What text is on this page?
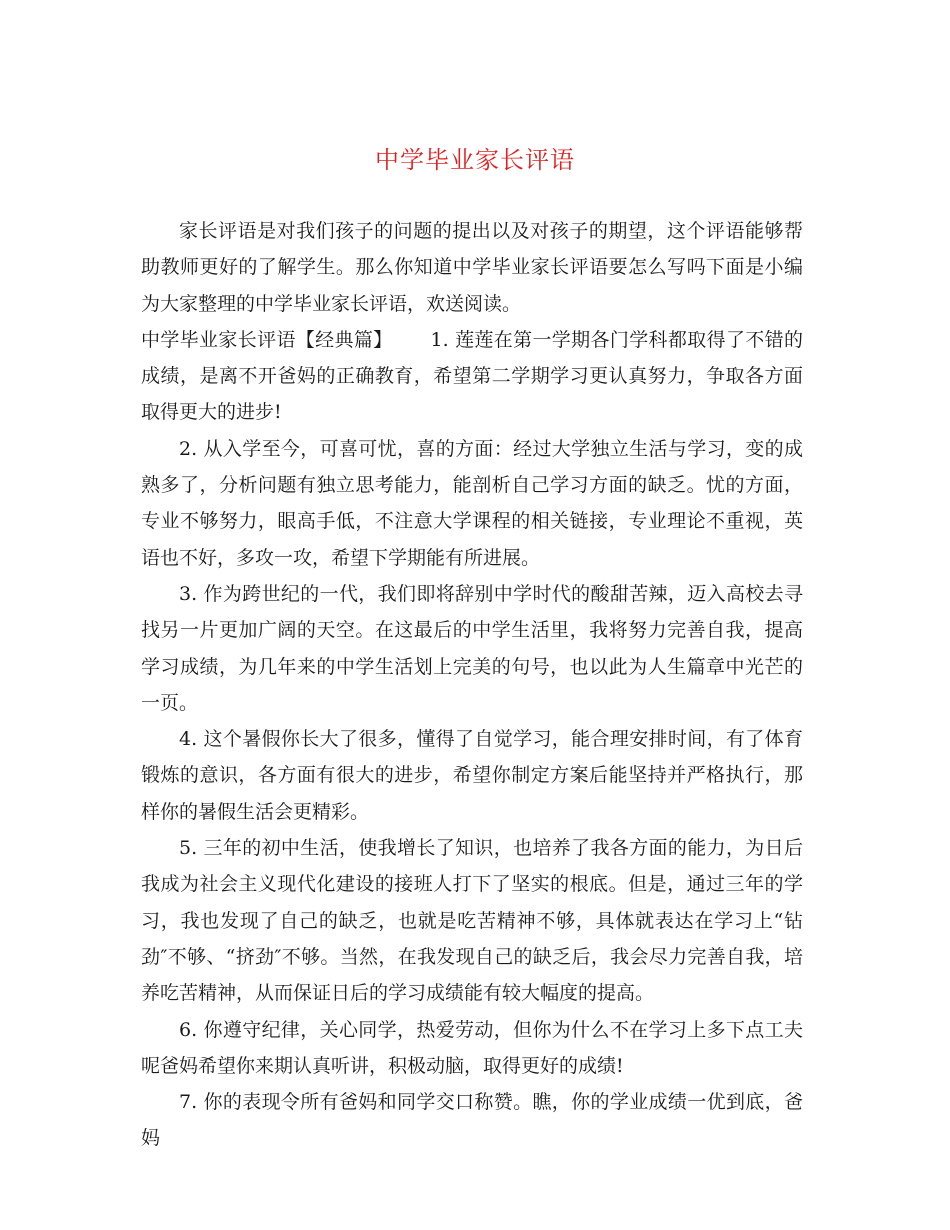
中学毕业家长评语

家长评语是对我们孩子的问题的提出以及对孩子的期望，这个评语能够帮助教师更好的了解学生。那么你知道中学毕业家长评语要怎么写吗下面是小编为大家整理的中学毕业家长评语，欢送阅读。

中学毕业家长评语【经典篇】 1. 莲莲在第一学期各门学科都取得了不错的成绩，是离不开爸妈的正确教育，希望第二学期学习更认真努力，争取各方面取得更大的进步!

2. 从入学至今，可喜可忧，喜的方面：经过大学独立生活与学习，变的成熟多了，分析问题有独立思考能力，能剖析自己学习方面的缺乏。忧的方面，专业不够努力，眼高手低，不注意大学课程的相关链接，专业理论不重视，英语也不好，多攻一攻，希望下学期能有所进展。

3. 作为跨世纪的一代，我们即将辞别中学时代的酸甜苦辣，迈入高校去寻找另一片更加广阔的天空。在这最后的中学生活里，我将努力完善自我，提高学习成绩，为几年来的中学生活划上完美的句号，也以此为人生篇章中光芒的一页。

4. 这个暑假你长大了很多，懂得了自觉学习，能合理安排时间，有了体育锻炼的意识，各方面有很大的进步，希望你制定方案后能坚持并严格执行，那样你的暑假生活会更精彩。

5. 三年的初中生活，使我增长了知识，也培养了我各方面的能力，为日后我成为社会主义现代化建设的接班人打下了坚实的根底。但是，通过三年的学习，我也发现了自己的缺乏，也就是吃苦精神不够，具体就表达在学习上“钻劲″不够、“挤劲″不够。当然，在我发现自己的缺乏后，我会尽力完善自我，培养吃苦精神，从而保证日后的学习成绩能有较大幅度的提高。

6. 你遵守纪律，关心同学，热爱劳动，但你为什么不在学习上多下点工夫呢爸妈希望你来期认真听讲，积极动脑，取得更好的成绩!

7. 你的表现令所有爸妈和同学交口称赞。瞧，你的学业成绩一优到底，爸妈
